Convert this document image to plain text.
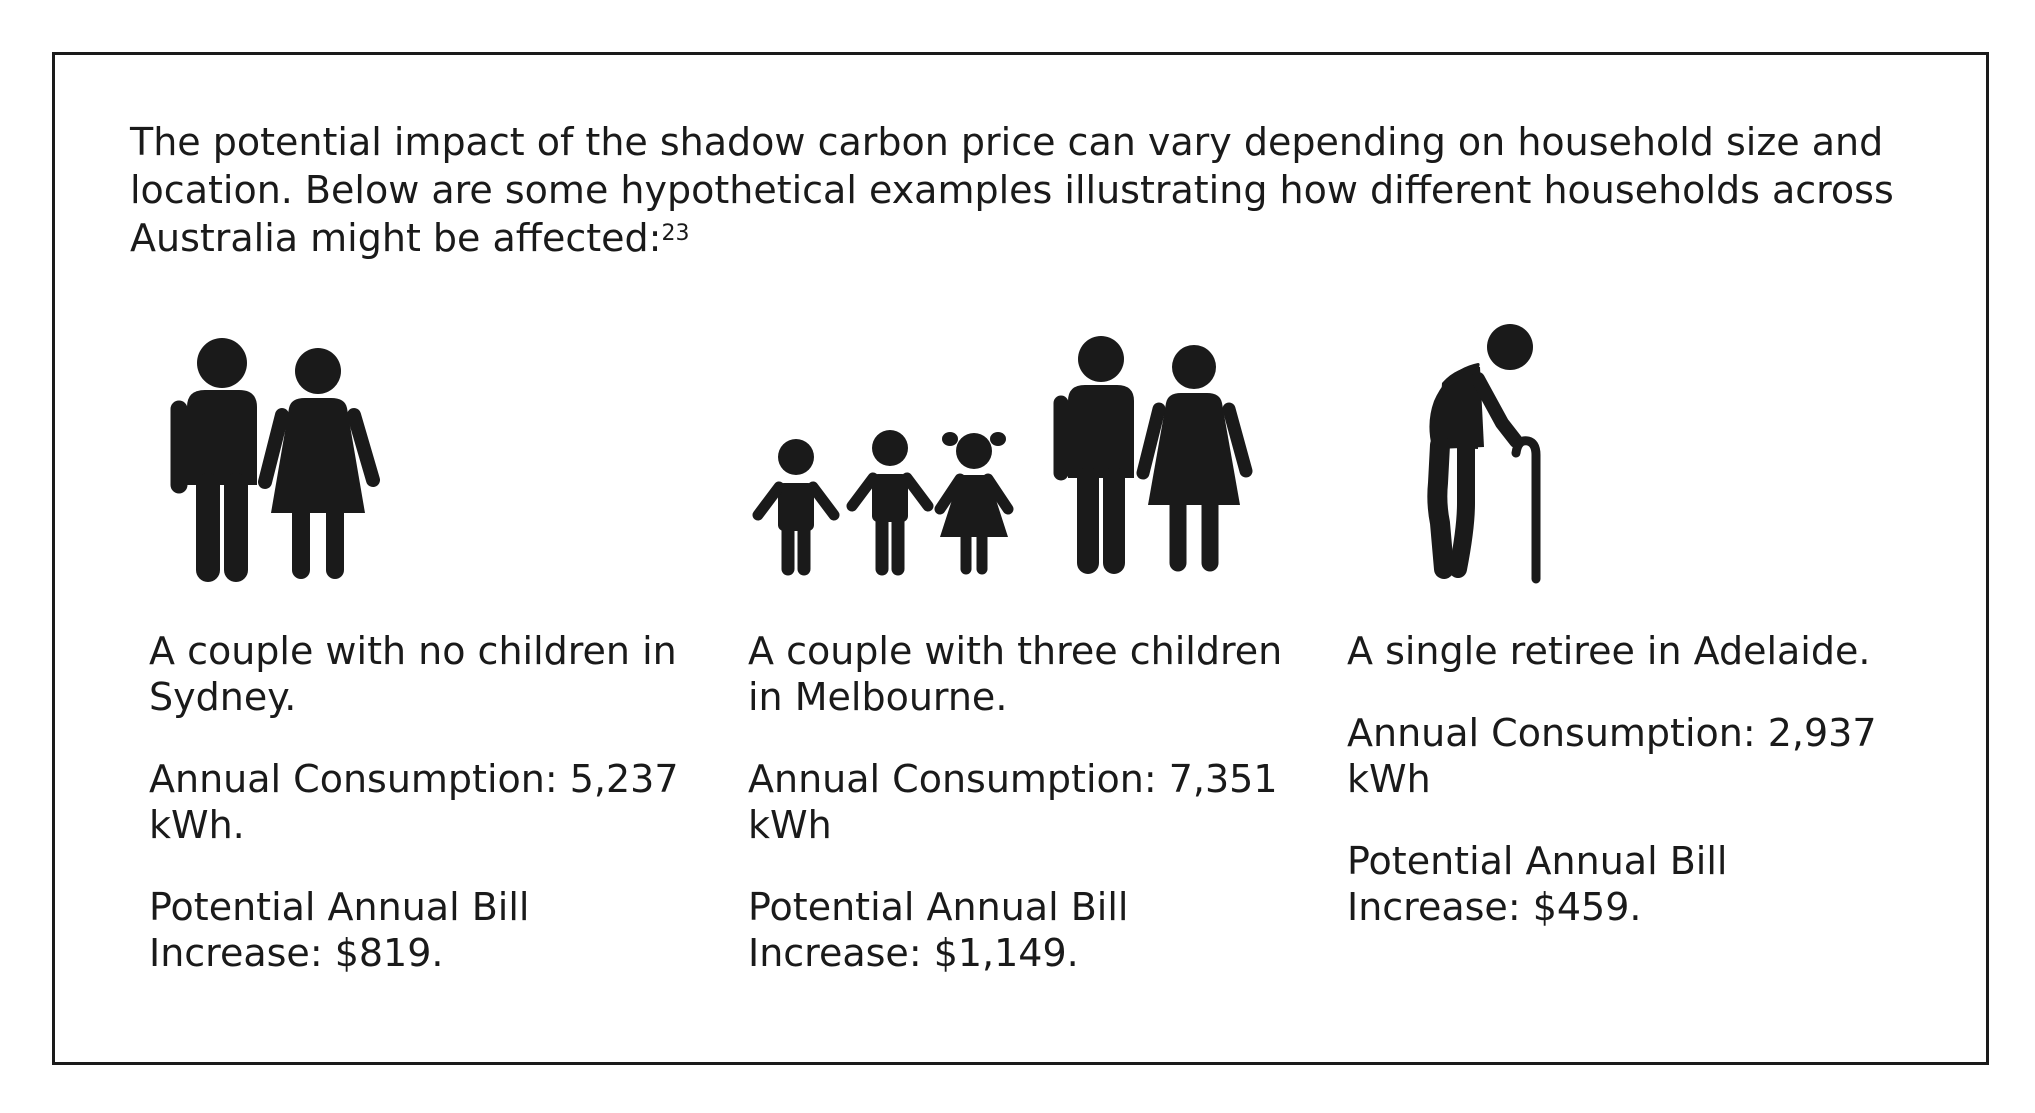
The potential impact of the shadow carbon price can vary depending on household size and location. Below are some hypothetical examples illustrating how different households across Australia might be affected:$^{23}$

A couple with no children in Sydney.

Annual Consumption: 5,237 kWh.

Potential Annual Bill Increase: $819.

A couple with three children in Melbourne.

Annual Consumption: 7,351 kWh

Potential Annual Bill Increase: $1,149.

A single retiree in Adelaide.

Annual Consumption: 2,937 kWh

Potential Annual Bill Increase: $459.
